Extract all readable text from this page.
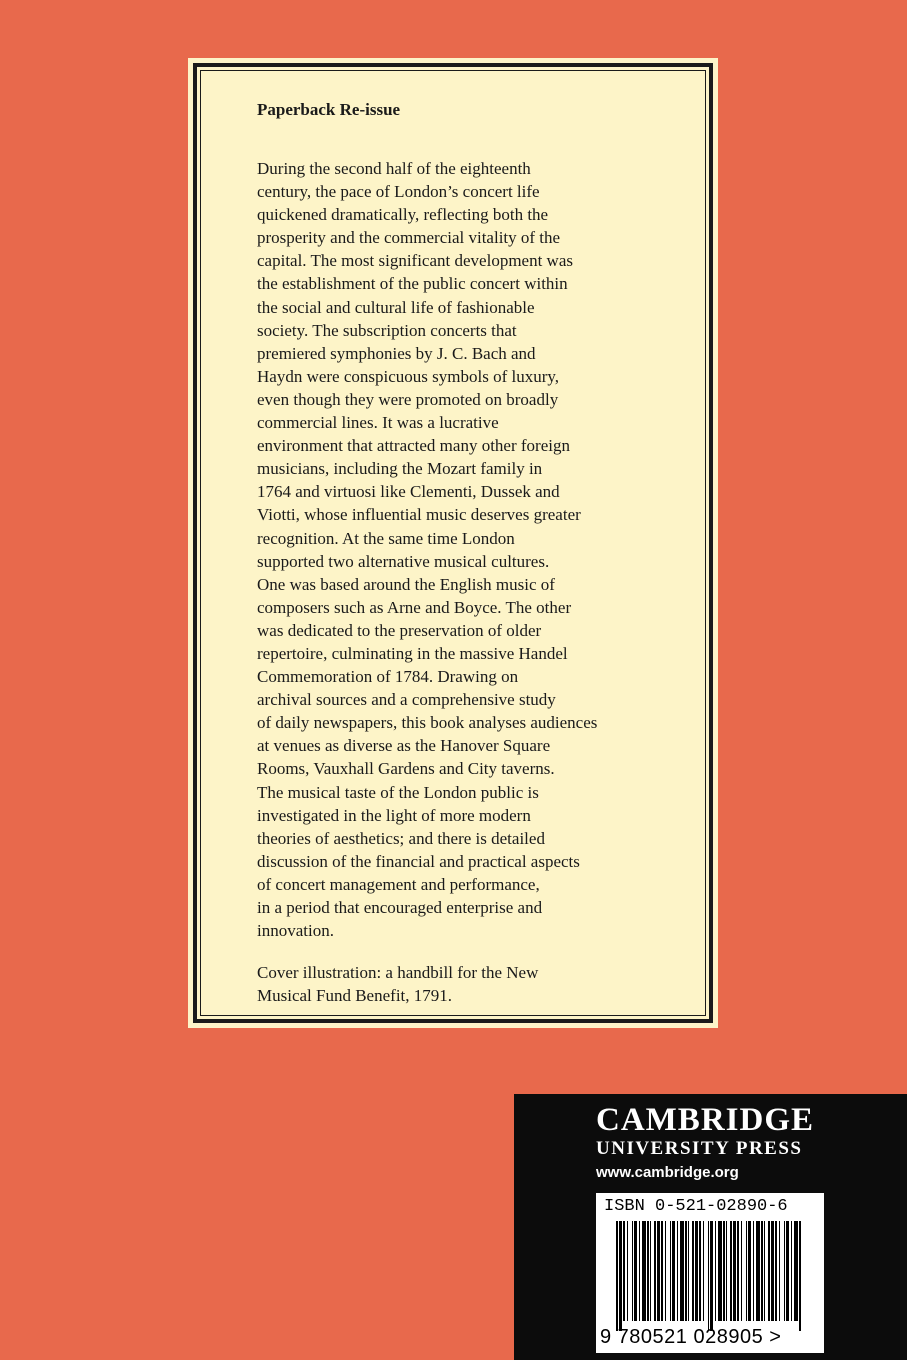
Paperback Re-issue

During the second half of the eighteenth
century, the pace of London’s concert life
quickened dramatically, reflecting both the
prosperity and the commercial vitality of the
capital. The most significant development was
the establishment of the public concert within
the social and cultural life of fashionable
society. The subscription concerts that
premiered symphonies by J. C. Bach and
Haydn were conspicuous symbols of luxury,
even though they were promoted on broadly
commercial lines. It was a lucrative
environment that attracted many other foreign
musicians, including the Mozart family in
1764 and virtuosi like Clementi, Dussek and
Viotti, whose influential music deserves greater
recognition. At the same time London
supported two alternative musical cultures.
One was based around the English music of
composers such as Arne and Boyce. The other
was dedicated to the preservation of older
repertoire, culminating in the massive Handel
Commemoration of 1784. Drawing on
archival sources and a comprehensive study
of daily newspapers, this book analyses audiences
at venues as diverse as the Hanover Square
Rooms, Vauxhall Gardens and City taverns.
The musical taste of the London public is
investigated in the light of more modern
theories of aesthetics; and there is detailed
discussion of the financial and practical aspects
of concert management and performance,
in a period that encouraged enterprise and
innovation.

Cover illustration: a handbill for the New
Musical Fund Benefit, 1791.

CAMBRIDGE
UNIVERSITY PRESS
www.cambridge.org
ISBN 0-521-02890-6
9 780521 028905 >
